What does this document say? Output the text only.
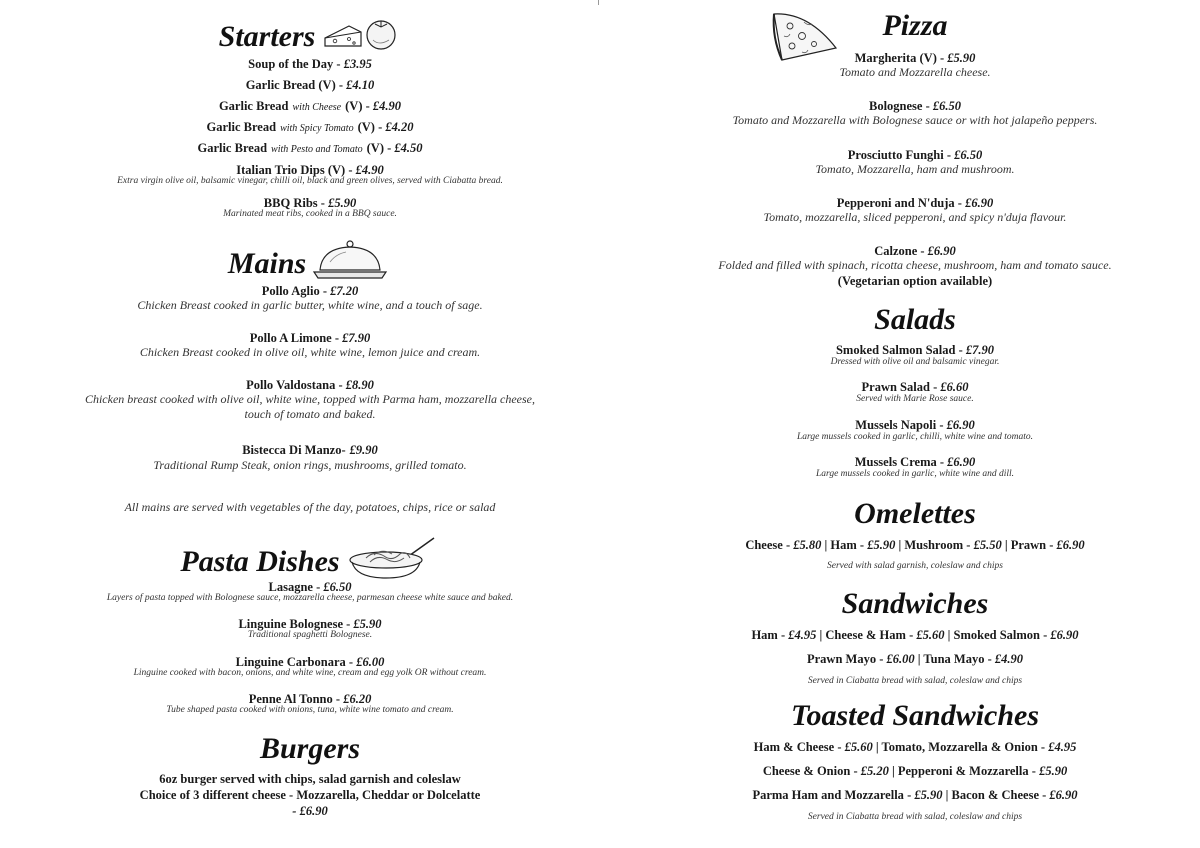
Starters
Soup of the Day - £3.95
Garlic Bread (V) - £4.10
Garlic Bread with Cheese (V) - £4.90
Garlic Bread with Spicy Tomato (V) - £4.20
Garlic Bread with Pesto and Tomato (V) - £4.50
Italian Trio Dips (V) - £4.90
Extra virgin olive oil, balsamic vinegar, chilli oil, black and green olives, served with Ciabatta bread.
BBQ Ribs - £5.90
Marinated meat ribs, cooked in a BBQ sauce.
Mains
Pollo Aglio - £7.20
Chicken Breast cooked in garlic butter, white wine, and a touch of sage.
Pollo A Limone - £7.90
Chicken Breast cooked in olive oil, white wine, lemon juice and cream.
Pollo Valdostana - £8.90
Chicken breast cooked with olive oil, white wine, topped with Parma ham, mozzarella cheese,
touch of tomato and baked.
Bistecca Di Manzo- £9.90
Traditional Rump Steak, onion rings, mushrooms, grilled tomato.
All mains are served with vegetables of the day, potatoes, chips, rice or salad
Pasta Dishes
Lasagne - £6.50
Layers of pasta topped with Bolognese sauce, mozzarella cheese, parmesan cheese white sauce and baked.
Linguine Bolognese - £5.90
Traditional spaghetti Bolognese.
Linguine Carbonara - £6.00
Linguine cooked with bacon, onions, and white wine, cream and egg yolk OR without cream.
Penne Al Tonno - £6.20
Tube shaped pasta cooked with onions, tuna, white wine tomato and cream.
Burgers
6oz burger served with chips, salad garnish and coleslaw
Choice of 3 different cheese - Mozzarella, Cheddar or Dolcelatte
- £6.90
Pizza
Margherita (V) - £5.90
Tomato and Mozzarella cheese.
Bolognese - £6.50
Tomato and Mozzarella with Bolognese sauce or with hot jalapeño peppers.
Prosciutto Funghi - £6.50
Tomato, Mozzarella, ham and mushroom.
Pepperoni and N'duja - £6.90
Tomato, mozzarella, sliced pepperoni, and spicy n'duja flavour.
Calzone - £6.90
Folded and filled with spinach, ricotta cheese, mushroom, ham and tomato sauce.
(Vegetarian option available)
Salads
Smoked Salmon Salad - £7.90
Dressed with olive oil and balsamic vinegar.
Prawn Salad - £6.60
Served with Marie Rose sauce.
Mussels Napoli - £6.90
Large mussels cooked in garlic, chilli, white wine and tomato.
Mussels Crema - £6.90
Large mussels cooked in garlic, white wine and dill.
Omelettes
Cheese - £5.80 | Ham - £5.90 | Mushroom - £5.50 | Prawn - £6.90
Served with salad garnish, coleslaw and chips
Sandwiches
Ham - £4.95 | Cheese & Ham - £5.60 | Smoked Salmon - £6.90
Prawn Mayo - £6.00 | Tuna Mayo - £4.90
Served in Ciabatta bread with salad, coleslaw and chips
Toasted Sandwiches
Ham & Cheese - £5.60 | Tomato, Mozzarella & Onion - £4.95
Cheese & Onion - £5.20 | Pepperoni & Mozzarella - £5.90
Parma Ham and Mozzarella - £5.90 | Bacon & Cheese - £6.90
Served in Ciabatta bread with salad, coleslaw and chips
